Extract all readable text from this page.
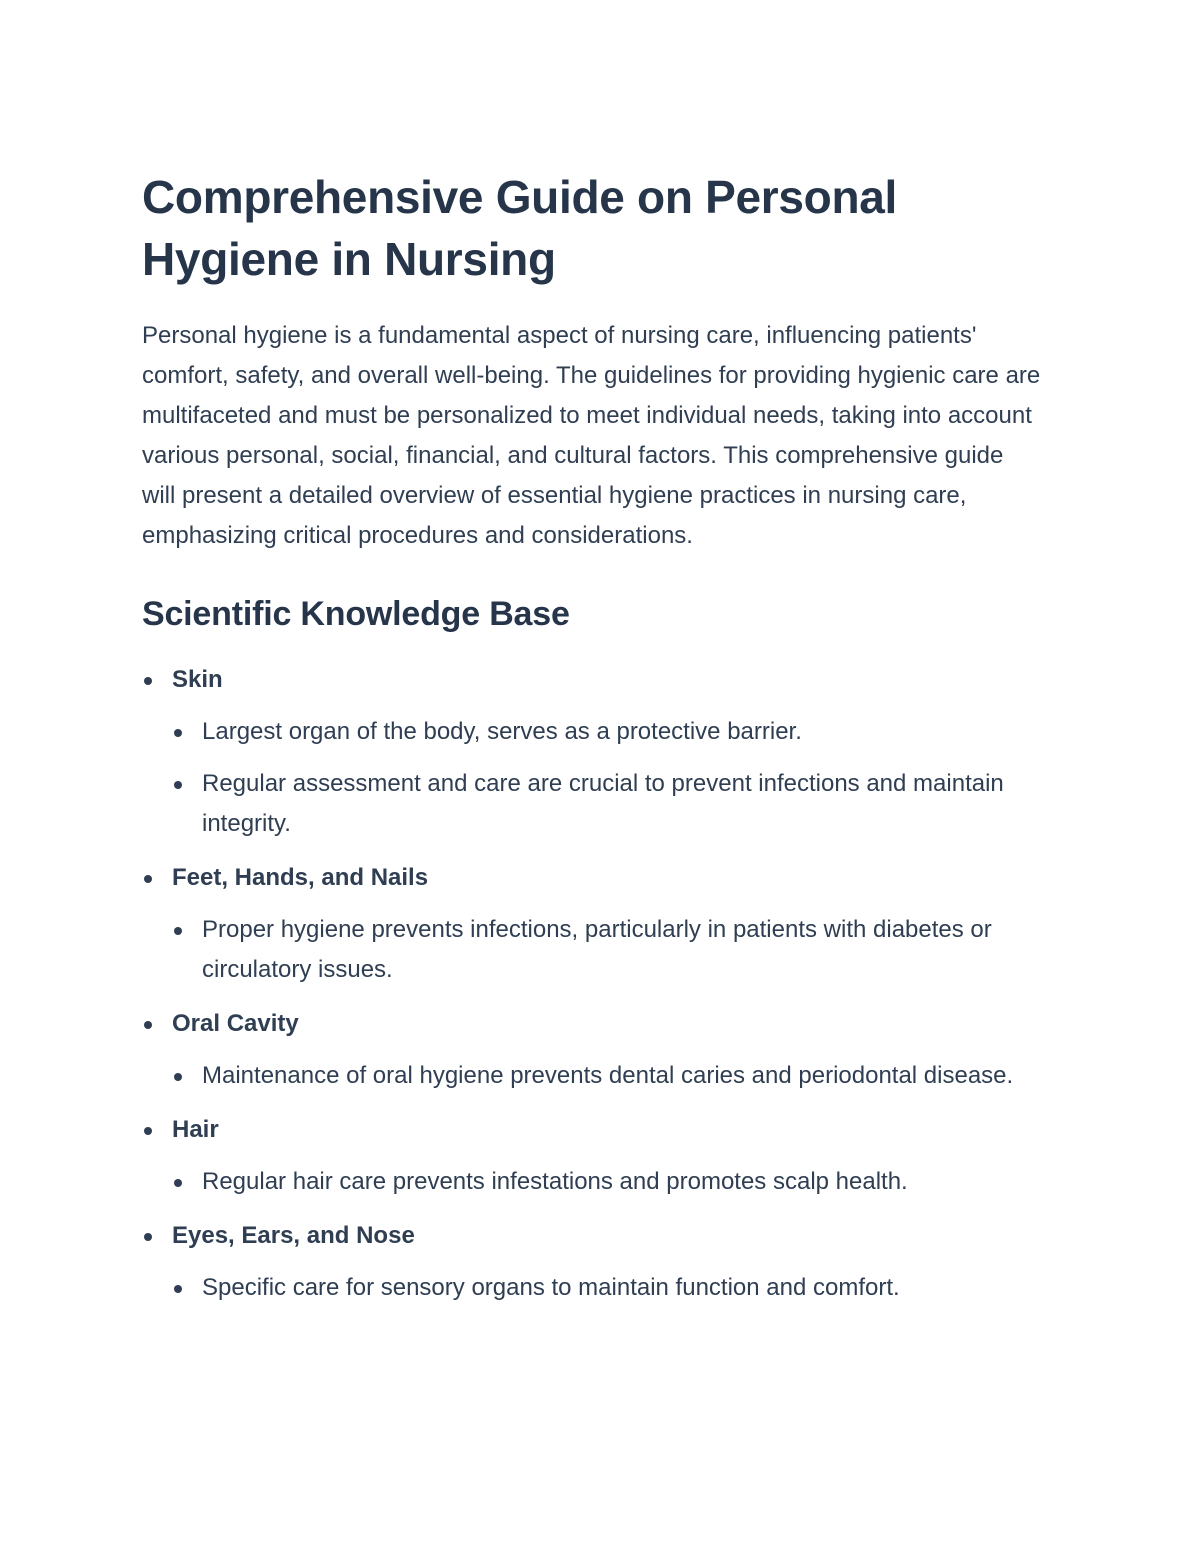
Comprehensive Guide on Personal Hygiene in Nursing

Personal hygiene is a fundamental aspect of nursing care, influencing patients' comfort, safety, and overall well-being. The guidelines for providing hygienic care are multifaceted and must be personalized to meet individual needs, taking into account various personal, social, financial, and cultural factors. This comprehensive guide will present a detailed overview of essential hygiene practices in nursing care, emphasizing critical procedures and considerations.

Scientific Knowledge Base
Skin
Largest organ of the body, serves as a protective barrier.
Regular assessment and care are crucial to prevent infections and maintain integrity.
Feet, Hands, and Nails
Proper hygiene prevents infections, particularly in patients with diabetes or circulatory issues.
Oral Cavity
Maintenance of oral hygiene prevents dental caries and periodontal disease.
Hair
Regular hair care prevents infestations and promotes scalp health.
Eyes, Ears, and Nose
Specific care for sensory organs to maintain function and comfort.
